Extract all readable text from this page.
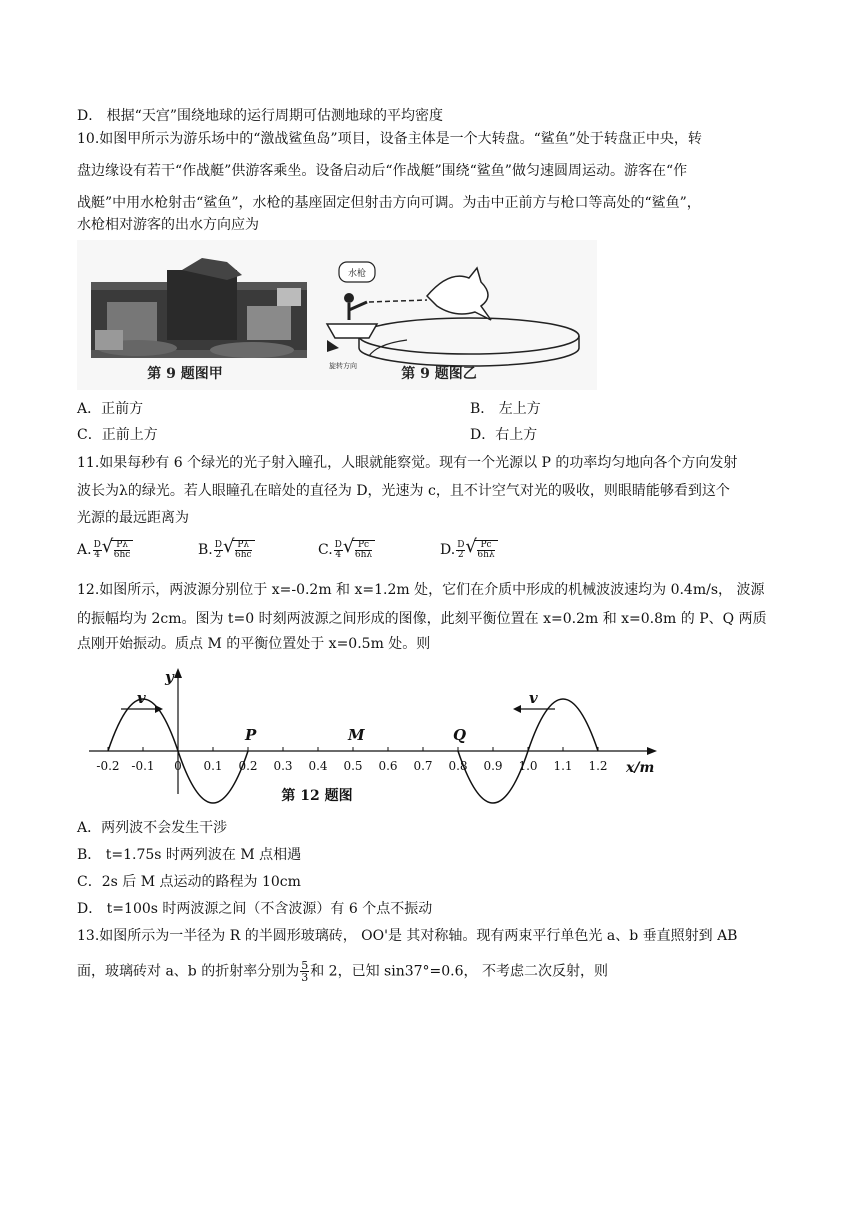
D． 根据“天宫”围绕地球的运行周期可估测地球的平均密度
10.如图甲所示为游乐场中的“激战鲨鱼岛”项目，设备主体是一个大转盘。“鲨鱼”处于转盘正中央，转
盘边缘设有若干“作战艇”供游客乘坐。设备启动后“作战艇”围绕“鲨鱼”做匀速圆周运动。游客在“作
战艇”中用水枪射击“鲨鱼”，水枪的基座固定但射击方向可调。为击中正前方与枪口等高处的“鲨鱼”，
水枪相对游客的出水方向应为
第 9 题图甲
水枪
旋转方向	第 9 题图乙
A．正前方	B． 左上方
C．正前上方	D．右上方
11.如果每秒有 6 个绿光的光子射入瞳孔，人眼就能察觉。现有一个光源以 P 的功率均匀地向各个方向发射
波长为λ的绿光。若人眼瞳孔在暗处的直径为 D，光速为 c，且不计空气对光的吸收，则眼睛能够看到这个
光源的最远距离为
A. $\frac{D}{4}$ √ $\frac{P\lambda}{6hc}$	B. $\frac{D}{2}$ √ $\frac{P\lambda}{6hc}$	C. $\frac{D}{4}$ √ $\frac{Pc}{6h\lambda}$	D. $\frac{D}{2}$ √ $\frac{Pc}{6h\lambda}$
12.如图所示，两波源分别位于 x=-0.2m 和 x=1.2m 处，它们在介质中形成的机械波波速均为 0.4m/s， 波源
的振幅均为 2cm。图为 t=0 时刻两波源之间形成的图像，此刻平衡位置在 x=0.2m 和 x=0.8m 的 P、Q 两质
点刚开始振动。质点 M 的平衡位置处于 x=0.5m 处。则
y
x/m
v	v
P	M	Q
-0.2 -0.1 0 0.1 0.2 0.3 0.4 0.5 0.6 0.7 0.8 0.9 1.0 1.1 1.2
第 12 题图
A．两列波不会发生干涉
B． t=1.75s 时两列波在 M 点相遇
C．2s 后 M 点运动的路程为 10cm
D． t=100s 时两波源之间（不含波源）有 6 个点不振动
13.如图所示为一半径为 R 的半圆形玻璃砖， OO'是 其对称轴。现有两束平行单色光 a、b 垂直照射到 AB
面，玻璃砖对 a、b 的折射率分别为 $\frac{5}{3}$ 和 2，已知 sin37°=0.6， 不考虑二次反射，则
